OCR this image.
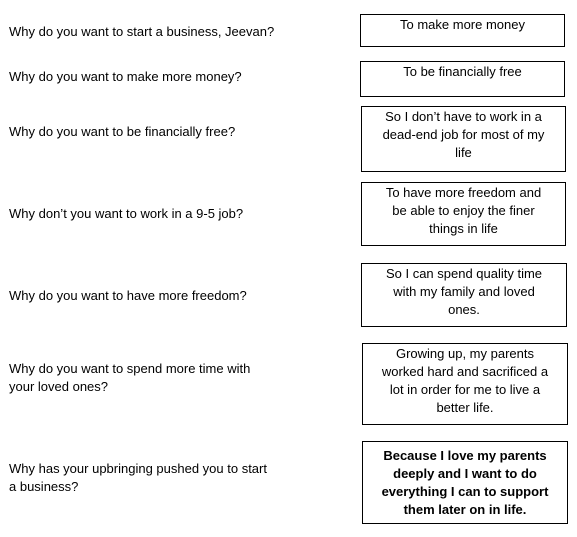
Why do you want to start a business, Jeevan?	To make more money
Why do you want to make more money?	To be financially free
Why do you want to be financially free?
So I don’t have to work in a
dead-end job for most of my
life
Why don’t you want to work in a 9-5 job?
To have more freedom and
be able to enjoy the finer
things in life
Why do you want to have more freedom?
So I can spend quality time
with my family and loved
ones.
Why do you want to spend more time with
your loved ones?
Growing up, my parents
worked hard and sacrificed a
lot in order for me to live a
better life.
Why has your upbringing pushed you to start
a business?
Because I love my parents
deeply and I want to do
everything I can to support
them later on in life.
